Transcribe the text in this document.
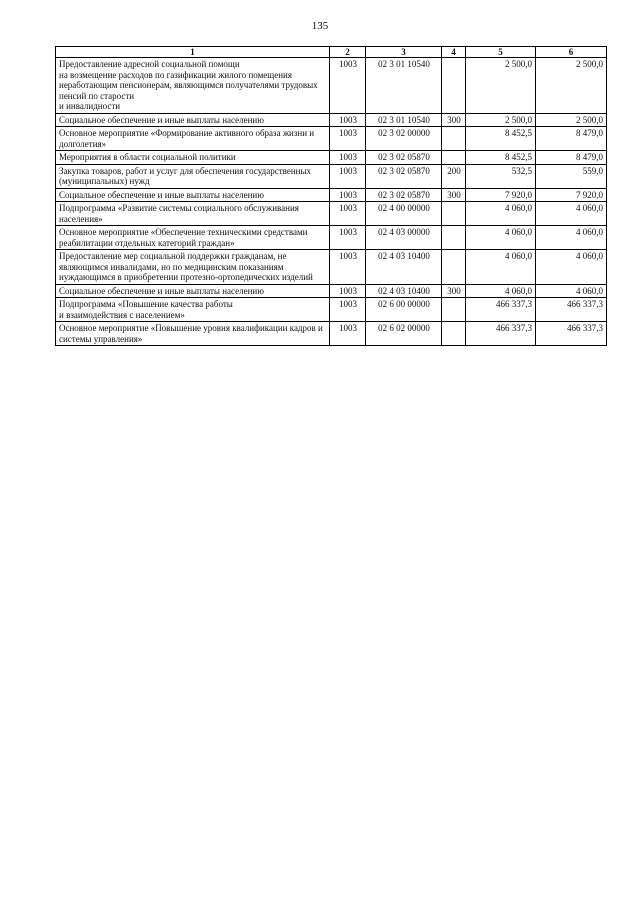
135
1	2	3	4	5	6
Предоставление адресной социальной помощи
на возмещение расходов по газификации жилого помещения неработающим пенсионерам, являющимся получателями трудовых пенсий по старости
и инвалидности	1003	02 3 01 10540		2 500,0	2 500,0
Социальное обеспечение и иные выплаты населению	1003	02 3 01 10540	300	2 500,0	2 500,0
Основное мероприятие «Формирование активного образа жизни и долголетия»	1003	02 3 02 00000		8 452,5	8 479,0
Мероприятия в области социальной политики	1003	02 3 02 05870		8 452,5	8 479,0
Закупка товаров, работ и услуг для обеспечения государственных (муниципальных) нужд	1003	02 3 02 05870	200	532,5	559,0
Социальное обеспечение и иные выплаты населению	1003	02 3 02 05870	300	7 920,0	7 920,0
Подпрограмма «Развитие системы социального обслуживания населения»	1003	02 4 00 00000		4 060,0	4 060,0
Основное мероприятие «Обеспечение техническими средствами реабилитации отдельных категорий граждан»	1003	02 4 03 00000		4 060,0	4 060,0
Предоставление мер социальной поддержки гражданам, не являющимся инвалидами, но по медицинским показаниям нуждающимся в приобретении протезно-ортопедических изделий	1003	02 4 03 10400		4 060,0	4 060,0
Социальное обеспечение и иные выплаты населению	1003	02 4 03 10400	300	4 060,0	4 060,0
Подпрограмма «Повышение качества работы
и взаимодействия с населением»	1003	02 6 00 00000		466 337,3	466 337,3
Основное мероприятие «Повышение уровня квалификации кадров и системы управления»	1003	02 6 02 00000		466 337,3	466 337,3
